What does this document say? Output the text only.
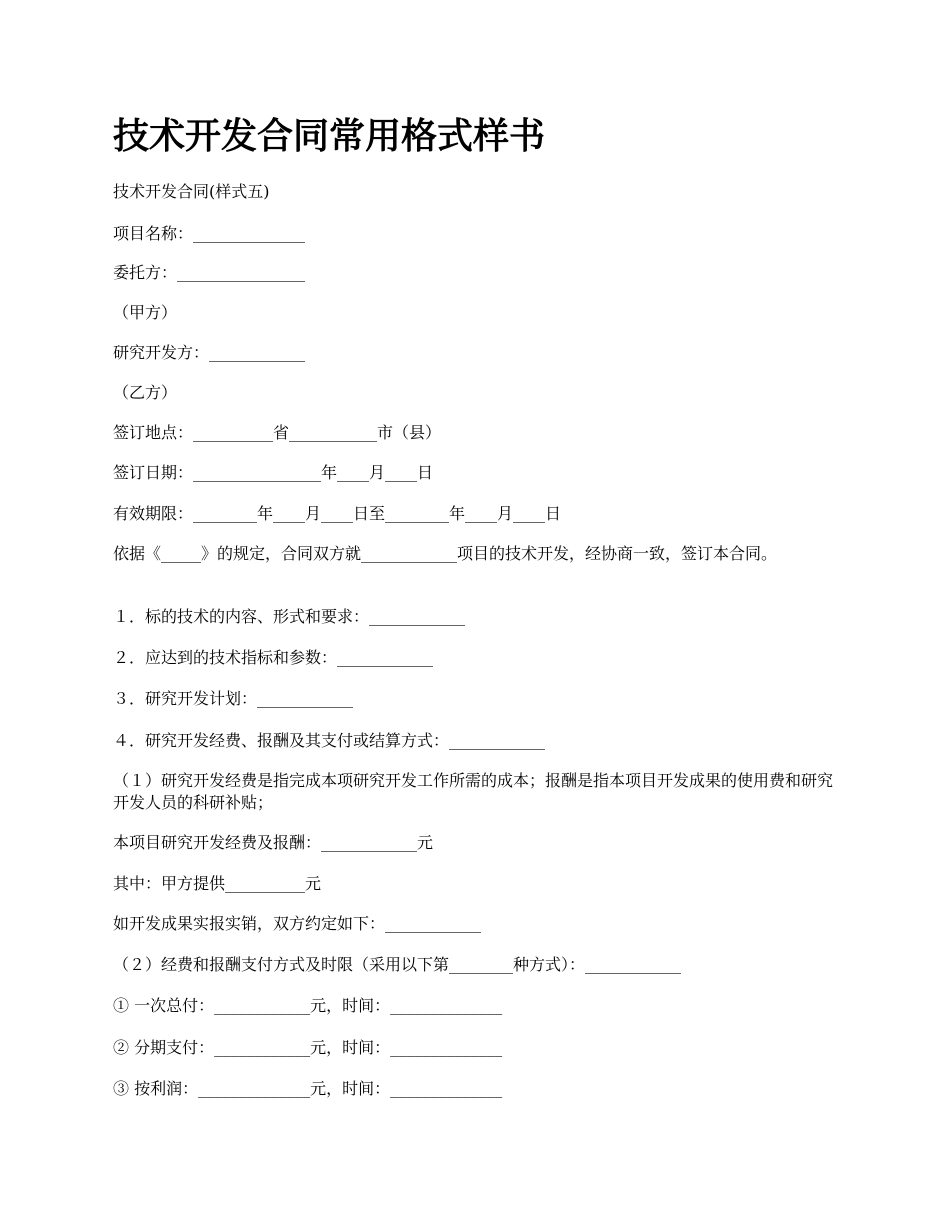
技术开发合同常用格式样书
技术开发合同(样式五)
项目名称：______________
委托方：________________
（甲方）
研究开发方：____________
（乙方）
签订地点：__________省___________市（县）
签订日期：________________年____月____日
有效期限：________年____月____日至________年____月____日
依据《_____》的规定，合同双方就____________项目的技术开发，经协商一致，签订本合同。
１．标的技术的内容、形式和要求：____________
２．应达到的技术指标和参数：____________
３．研究开发计划：____________
４．研究开发经费、报酬及其支付或结算方式：____________
（１）研究开发经费是指完成本项研究开发工作所需的成本；报酬是指本项目开发成果的使用费和研究开发人员的科研补贴；
本项目研究开发经费及报酬：____________元
其中：甲方提供__________元
如开发成果实报实销，双方约定如下：____________
（２）经费和报酬支付方式及时限（采用以下第________种方式）：____________
① 一次总付：____________元，时间：______________
② 分期支付：____________元，时间：______________
③ 按利润：______________元，时间：______________
